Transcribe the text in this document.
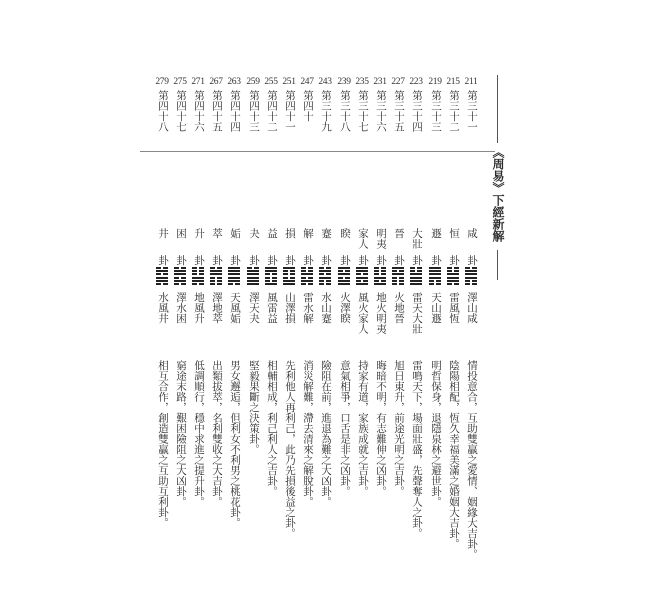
《周易》下經新解
211
第三十一
咸
卦
澤山咸
情投意合，互助雙贏之愛情、姻緣大吉卦。
215
第三十二
恒
卦
雷風恆
陰陽相配，恆久幸福美滿之婚姻大吉卦。
219
第三十三
遯
卦
天山遯
明哲保身，退隱泉林之避世卦。
223
第三十四
大壯
卦
雷天大壯
雷鳴天下，場面壯盛，先聲奪人之卦。
227
第三十五
晉
卦
火地晉
旭日東升，前途光明之吉卦。
231
第三十六
明夷
卦
地火明夷
晦暗不明，有志難伸之凶卦。
235
第三十七
家人
卦
風火家人
持家有道，家族成就之吉卦。
239
第三十八
睽
卦
火澤睽
意氣相爭，口舌是非之凶卦。
243
第三十九
蹇
卦
水山蹇
險阻在前，進退為難之大凶卦。
247
第四十
解
卦
雷水解
消災解難，滯去清來之解脫卦。
251
第四十一
損
卦
山澤損
先利他人再利己，此乃先損後益之卦。
255
第四十二
益
卦
風雷益
相輔相成，利己利人之吉卦。
259
第四十三
夬
卦
澤天夬
堅毅果斷之決策卦。
263
第四十四
姤
卦
天風姤
男女邂逅，但利女不利男之桃花卦。
267
第四十五
萃
卦
澤地萃
出類拔萃，名利雙收之大吉卦。
271
第四十六
升
卦
地風升
低調順行，穩中求進之提升卦。
275
第四十七
困
卦
澤水困
窮途末路，艱困險阻之大凶卦。
279
第四十八
井
卦
水風井
相互合作，創造雙贏之互助互利卦。
